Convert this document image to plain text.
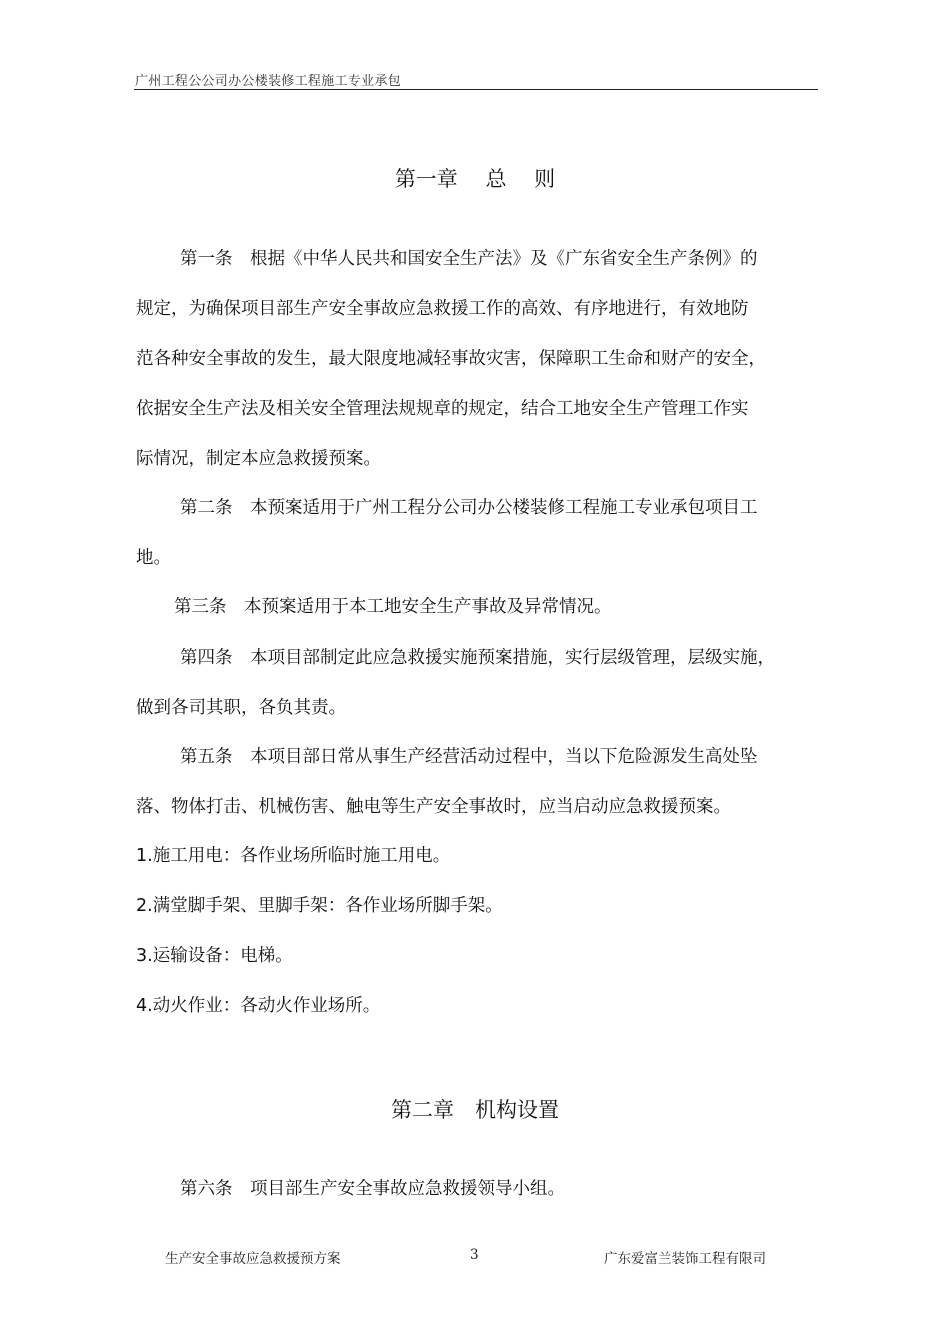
广州工程公公司办公楼装修工程施工专业承包
第一章　 总　 则
第一条　根据《中华人民共和国安全生产法》及《广东省安全生产条例》的
规定，为确保项目部生产安全事故应急救援工作的高效、有序地进行，有效地防
范各种安全事故的发生，最大限度地减轻事故灾害，保障职工生命和财产的安全，
依据安全生产法及相关安全管理法规规章的规定，结合工地安全生产管理工作实
际情况，制定本应急救援预案。
第二条　本预案适用于广州工程分公司办公楼装修工程施工专业承包项目工
地。
第三条　本预案适用于本工地安全生产事故及异常情况。
第四条　本项目部制定此应急救援实施预案措施，实行层级管理，层级实施，
做到各司其职，各负其责。
第五条　本项目部日常从事生产经营活动过程中，当以下危险源发生高处坠
落、物体打击、机械伤害、触电等生产安全事故时，应当启动应急救援预案。
1.施工用电：各作业场所临时施工用电。
2.满堂脚手架、里脚手架：各作业场所脚手架。
3.运输设备：电梯。
4.动火作业：各动火作业场所。
第二章　机构设置
第六条　项目部生产安全事故应急救援领导小组。
生产安全事故应急救援预方案	3	广东爱富兰装饰工程有限司
